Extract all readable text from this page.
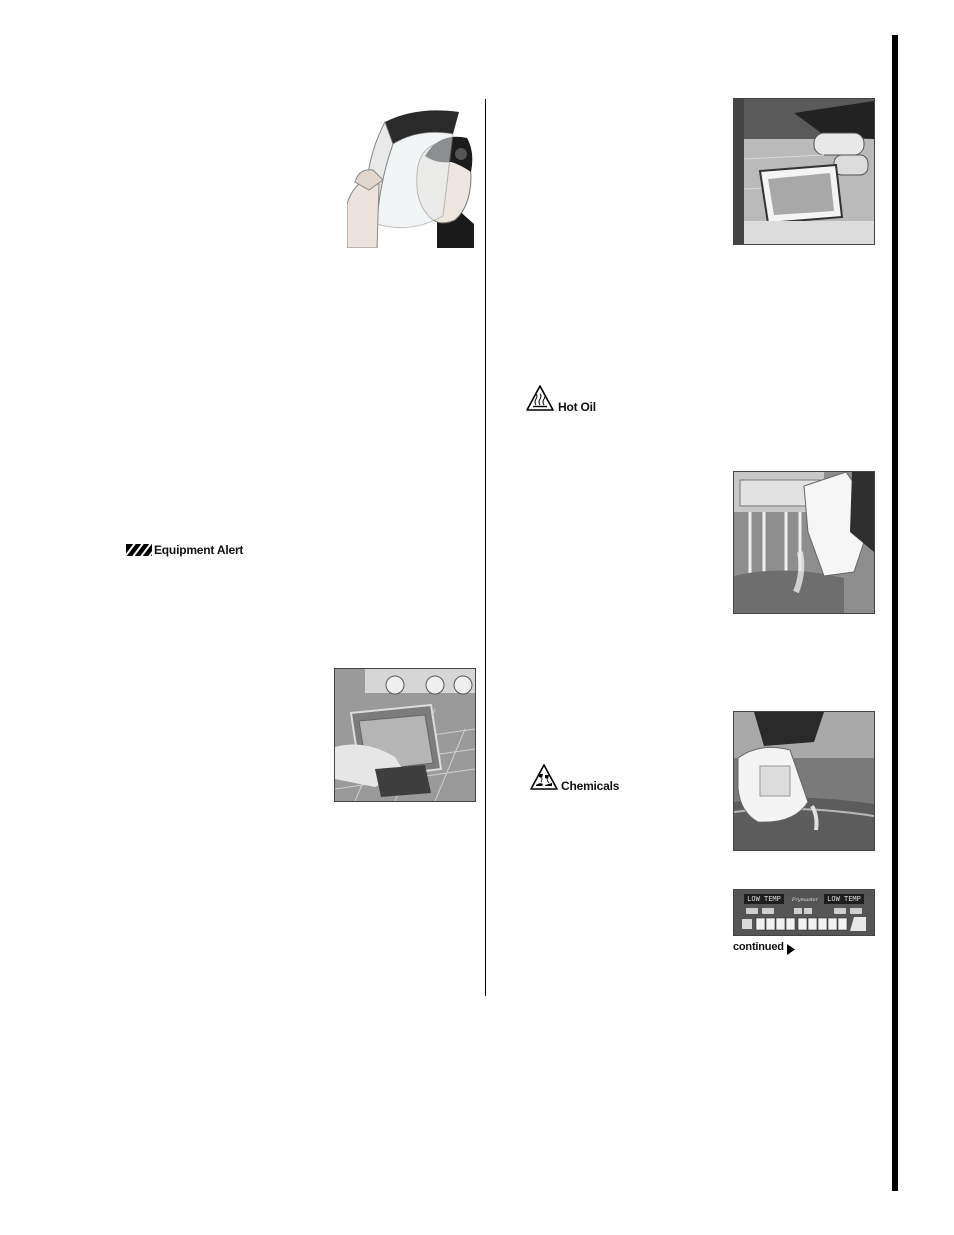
LOW TEMP	LOW TEMP
Frymaster
Equipment Alert
Hot Oil
Chemicals
continued
